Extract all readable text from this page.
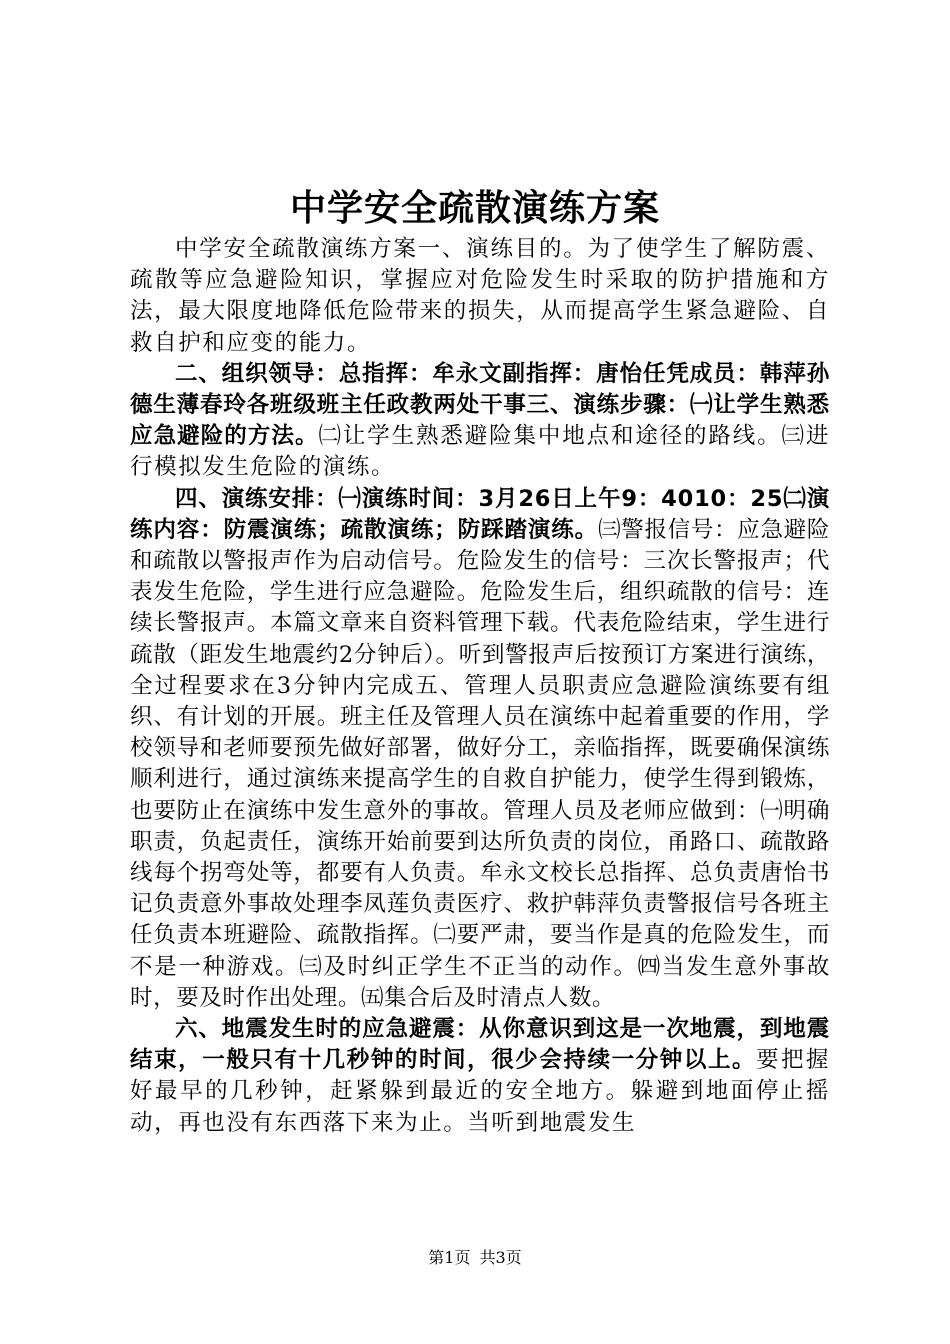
中学安全疏散演练方案

中学安全疏散演练方案一、演练目的。为了使学生了解防震、疏散等应急避险知识，掌握应对危险发生时采取的防护措施和方法，最大限度地降低危险带来的损失，从而提高学生紧急避险、自救自护和应变的能力。

二、组织领导：总指挥：牟永文副指挥：唐怡任凭成员：韩萍孙德生薄春玲各班级班主任政教两处干事三、演练步骤：㈠让学生熟悉应急避险的方法。㈡让学生熟悉避险集中地点和途径的路线。㈢进行模拟发生危险的演练。

四、演练安排：㈠演练时间：3月26日上午9：4010：25㈡演练内容：防震演练；疏散演练；防踩踏演练。㈢警报信号：应急避险和疏散以警报声作为启动信号。危险发生的信号：三次长警报声；代表发生危险，学生进行应急避险。危险发生后，组织疏散的信号：连续长警报声。本篇文章来自资料管理下载。代表危险结束，学生进行疏散（距发生地震约2分钟后）。听到警报声后按预订方案进行演练，全过程要求在3分钟内完成五、管理人员职责应急避险演练要有组织、有计划的开展。班主任及管理人员在演练中起着重要的作用，学校领导和老师要预先做好部署，做好分工，亲临指挥，既要确保演练顺利进行，通过演练来提高学生的自救自护能力，使学生得到锻炼，也要防止在演练中发生意外的事故。管理人员及老师应做到：㈠明确职责，负起责任，演练开始前要到达所负责的岗位，甬路口、疏散路线每个拐弯处等，都要有人负责。牟永文校长总指挥、总负责唐怡书记负责意外事故处理李凤莲负责医疗、救护韩萍负责警报信号各班主任负责本班避险、疏散指挥。㈡要严肃，要当作是真的危险发生，而不是一种游戏。㈢及时纠正学生不正当的动作。㈣当发生意外事故时，要及时作出处理。㈤集合后及时清点人数。

六、地震发生时的应急避震：从你意识到这是一次地震，到地震结束，一般只有十几秒钟的时间，很少会持续一分钟以上。要把握好最早的几秒钟，赶紧躲到最近的安全地方。躲避到地面停止摇动，再也没有东西落下来为止。当听到地震发生

第1页 共3页
